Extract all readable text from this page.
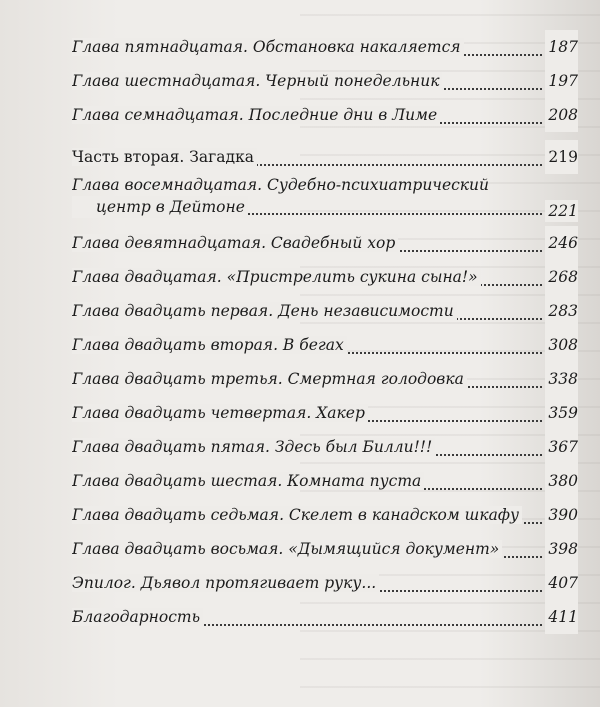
Глава пятнадцатая. Обстановка накаляется	187
Глава шестнадцатая. Черный понедельник	197
Глава семнадцатая. Последние дни в Лиме	208
Часть вторая. Загадка	219
Глава восемнадцатая. Судебно-психиатрический
центр в Дейтоне	221
Глава девятнадцатая. Свадебный хор	246
Глава двадцатая. «Пристрелить сукина сына!»	268
Глава двадцать первая. День независимости	283
Глава двадцать вторая. В бегах	308
Глава двадцать третья. Смертная голодовка	338
Глава двадцать четвертая. Хакер	359
Глава двадцать пятая. Здесь был Билли!!!	367
Глава двадцать шестая. Комната пуста	380
Глава двадцать седьмая. Скелет в канадском шкафу 390
Глава двадцать восьмая. «Дымящийся документ»	398
Эпилог. Дьявол протягивает руку...	407
Благодарность	411
